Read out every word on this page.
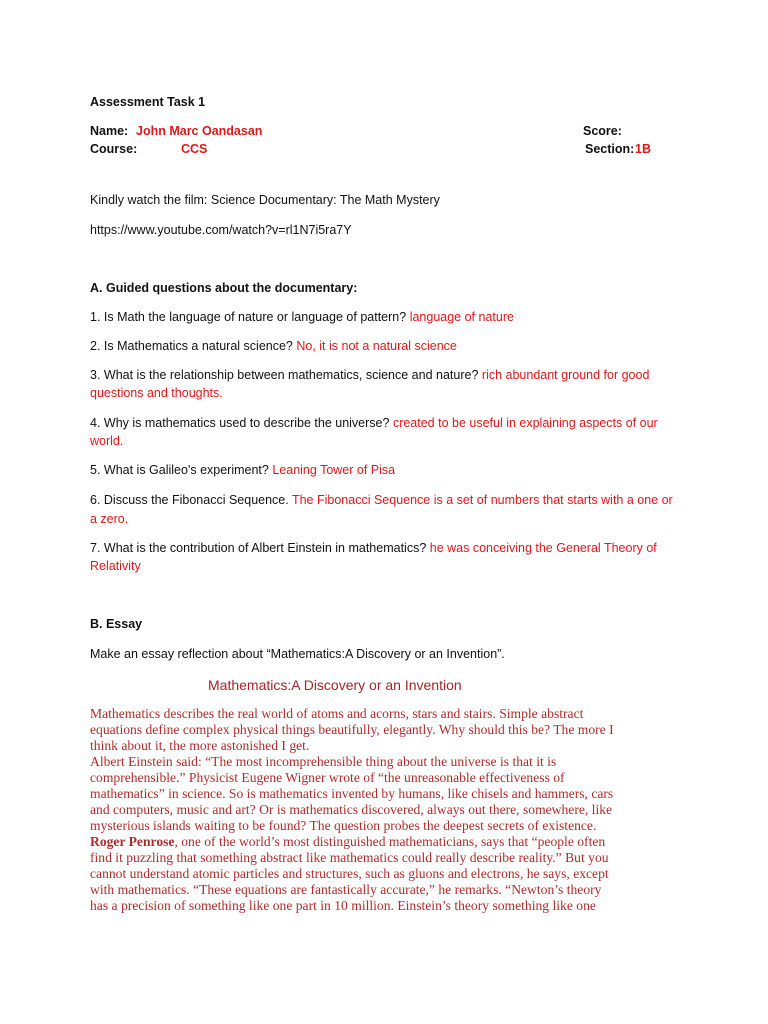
Assessment Task 1
Name: John Marc Oandasan	Score:
Course:	CCS	Section: 1B
Kindly watch the film: Science Documentary: The Math Mystery
https://www.youtube.com/watch?v=rl1N7i5ra7Y
A. Guided questions about the documentary:
1. Is Math the language of nature or language of pattern? language of nature
2. Is Mathematics a natural science? No, it is not a natural science
3. What is the relationship between mathematics, science and nature? rich abundant ground for good
questions and thoughts.
4. Why is mathematics used to describe the universe? created to be useful in explaining aspects of our
world.
5. What is Galileo's experiment? Leaning Tower of Pisa
6. Discuss the Fibonacci Sequence. The Fibonacci Sequence is a set of numbers that starts with a one or
a zero.
7. What is the contribution of Albert Einstein in mathematics? he was conceiving the General Theory of
Relativity
B. Essay
Make an essay reflection about “Mathematics:A Discovery or an Invention”.
Mathematics:A Discovery or an Invention
Mathematics describes the real world of atoms and acorns, stars and stairs. Simple abstract
equations define complex physical things beautifully, elegantly. Why should this be? The more I
think about it, the more astonished I get.
Albert Einstein said: “The most incomprehensible thing about the universe is that it is
comprehensible.” Physicist Eugene Wigner wrote of “the unreasonable effectiveness of
mathematics” in science. So is mathematics invented by humans, like chisels and hammers, cars
and computers, music and art? Or is mathematics discovered, always out there, somewhere, like
mysterious islands waiting to be found? The question probes the deepest secrets of existence.
Roger Penrose, one of the world’s most distinguished mathematicians, says that “people often
find it puzzling that something abstract like mathematics could really describe reality.” But you
cannot understand atomic particles and structures, such as gluons and electrons, he says, except
with mathematics. “These equations are fantastically accurate,” he remarks. “Newton’s theory
has a precision of something like one part in 10 million. Einstein’s theory something like one
